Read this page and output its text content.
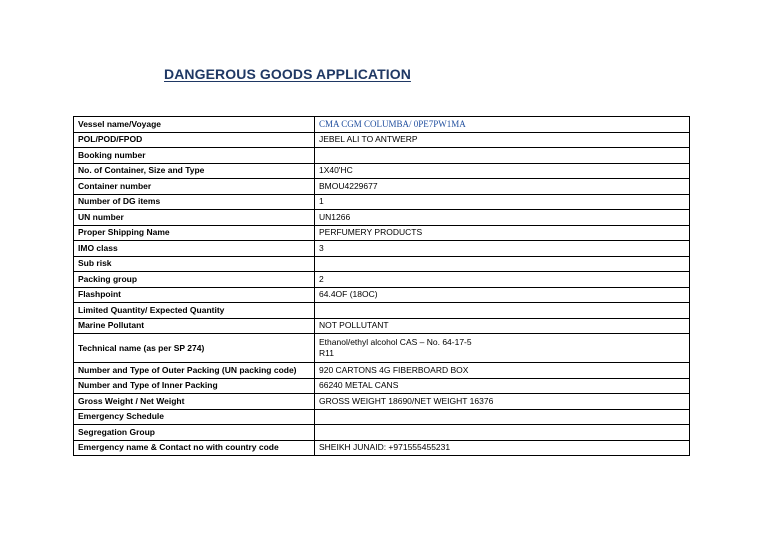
DANGEROUS GOODS APPLICATION
Vessel name/Voyage	CMA CGM COLUMBA/ 0PE7PW1MA
POL/POD/FPOD	JEBEL ALI TO ANTWERP
Booking number	
No. of Container, Size and Type	1X40'HC
Container number	BMOU4229677
Number of DG items	1
UN number	UN1266
Proper Shipping Name	PERFUMERY PRODUCTS
IMO class	3
Sub risk	
Packing group	2
Flashpoint	64.4OF (18OC)
Limited Quantity/ Expected Quantity	
Marine Pollutant	NOT POLLUTANT
Technical name (as per SP 274)	Ethanol/ethyl alcohol CAS – No. 64-17-5
R11

Number and Type of Outer Packing (UN packing code)	920 CARTONS 4G FIBERBOARD BOX
Number and Type of Inner Packing	66240 METAL CANS
Gross Weight / Net Weight	GROSS WEIGHT 18690/NET WEIGHT 16376
Emergency Schedule	
Segregation Group	
Emergency name & Contact no with country code	SHEIKH JUNAID: +971555455231
